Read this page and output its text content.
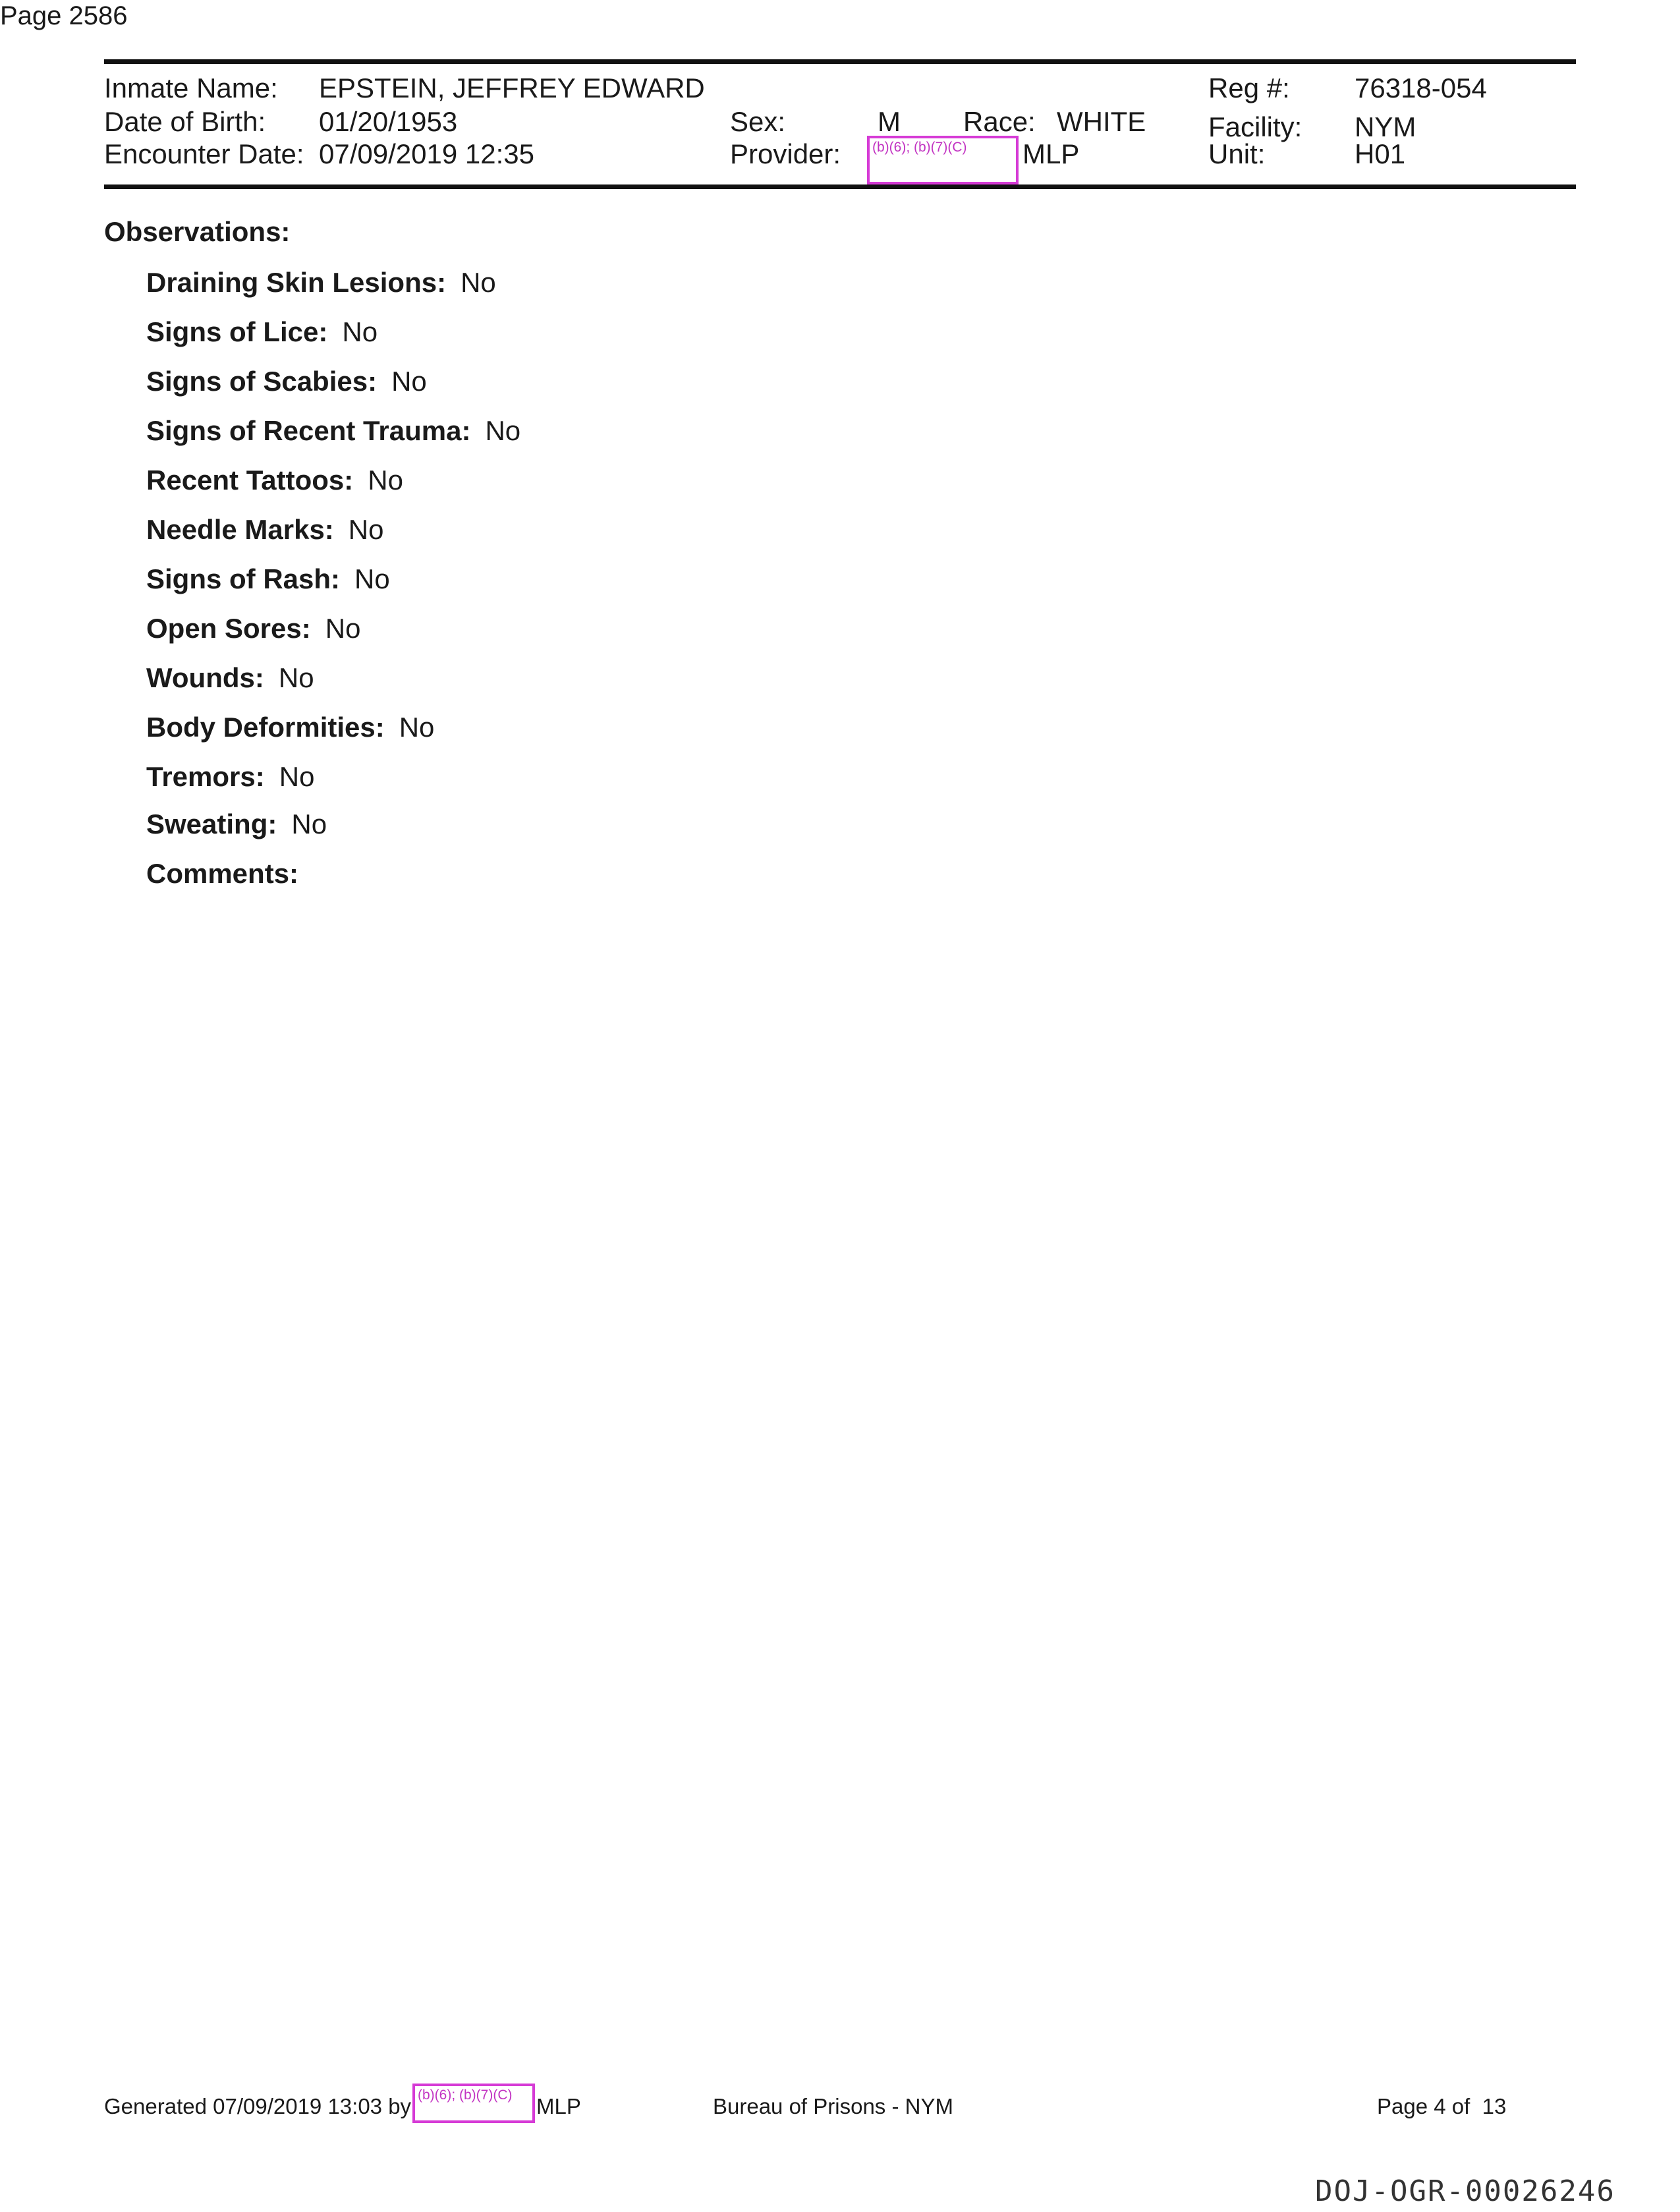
Page 2586
Inmate Name: EPSTEIN, JEFFREY EDWARD
Date of Birth: 01/20/1953
Encounter Date: 07/09/2019 12:35
Sex:	M Race: WHITE
Provider: (b)(6); (b)(7)(C) MLP
Reg #: 76318-054
Facility: NYM
Unit:	H01
Observations:
Draining Skin Lesions: No
Signs of Lice: No
Signs of Scabies: No
Signs of Recent Trauma: No
Recent Tattoos: No
Needle Marks: No
Signs of Rash: No
Open Sores: No
Wounds: No
Body Deformities: No
Tremors: No
Sweating: No
Comments:
Generated 07/09/2019 13:03 by (b)(6); (b)(7)(C) MLP	Bureau of Prisons - NYM	Page 4 of  13
DOJ-OGR-00026246
